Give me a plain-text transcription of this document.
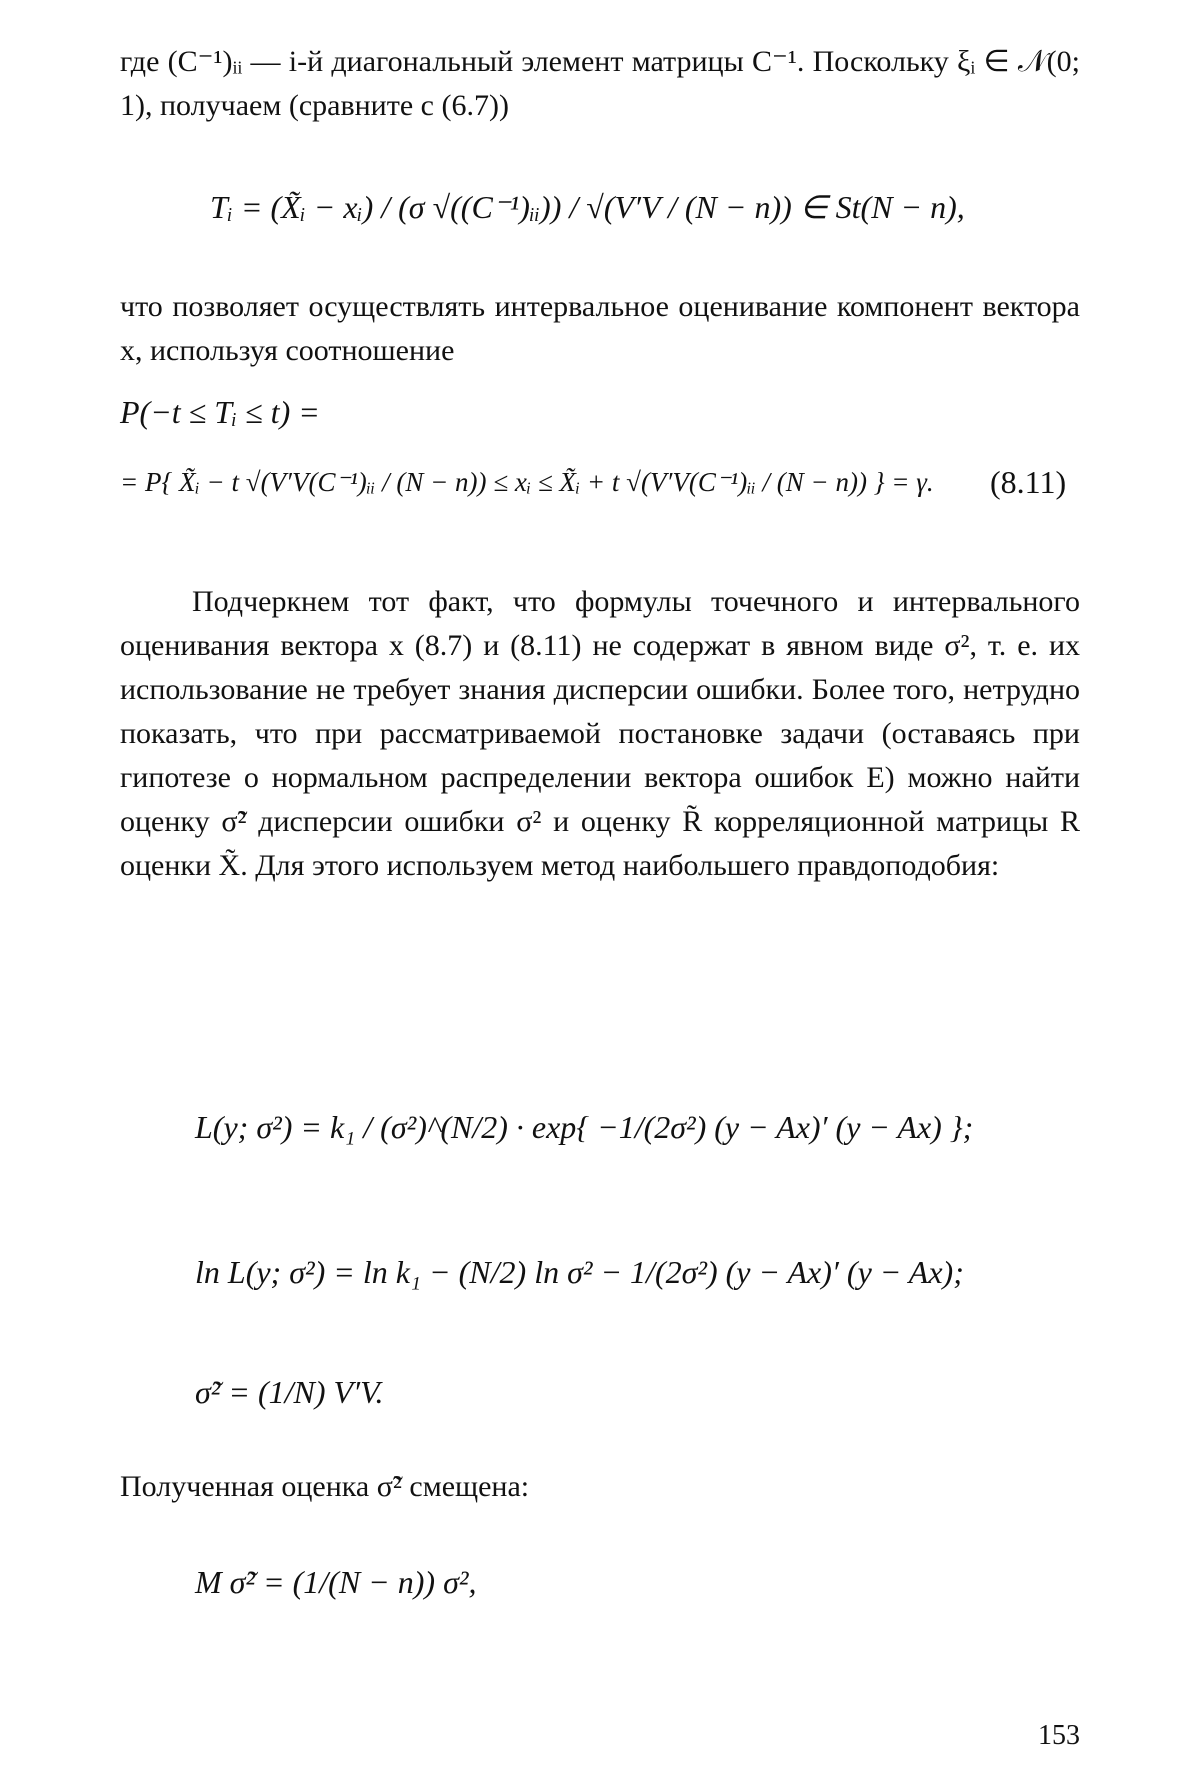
где (C⁻¹)ᵢᵢ — i-й диагональный элемент матрицы C⁻¹. Поскольку ξᵢ ∈ 𝒩(0; 1), получаем (сравните с (6.7))
Tᵢ = (X̃ᵢ − xᵢ) / (σ √((C⁻¹)ᵢᵢ)) / √(V′V / (N − n)) ∈ St(N − n),
что позволяет осуществлять интервальное оценивание компонент вектора x, используя соотношение
P(−t ≤ Tᵢ ≤ t) =
= P{ X̃ᵢ − t √(V′V(C⁻¹)ᵢᵢ / (N − n)) ≤ xᵢ ≤ X̃ᵢ + t √(V′V(C⁻¹)ᵢᵢ / (N − n)) } = γ. (8.11)
Подчеркнем тот факт, что формулы точечного и интервального оценивания вектора x (8.7) и (8.11) не содержат в явном виде σ², т. е. их использование не требует знания дисперсии ошибки. Более того, нетрудно показать, что при рассматриваемой постановке задачи (оставаясь при гипотезе о нормальном распределении вектора ошибок E) можно найти оценку σ̃² дисперсии ошибки σ² и оценку R̃ корреляционной матрицы R оценки X̃. Для этого используем метод наибольшего правдоподобия:
L(y; σ²) = k₁ / (σ²)^(N/2) · exp{ −1/(2σ²) (y − Ax)′ (y − Ax) };
ln L(y; σ²) = ln k₁ − (N/2) ln σ² − 1/(2σ²) (y − Ax)′ (y − Ax);
σ̃² = (1/N) V′V.
Полученная оценка σ̃² смещена:
M σ̃² = (1/(N − n)) σ²,
153
